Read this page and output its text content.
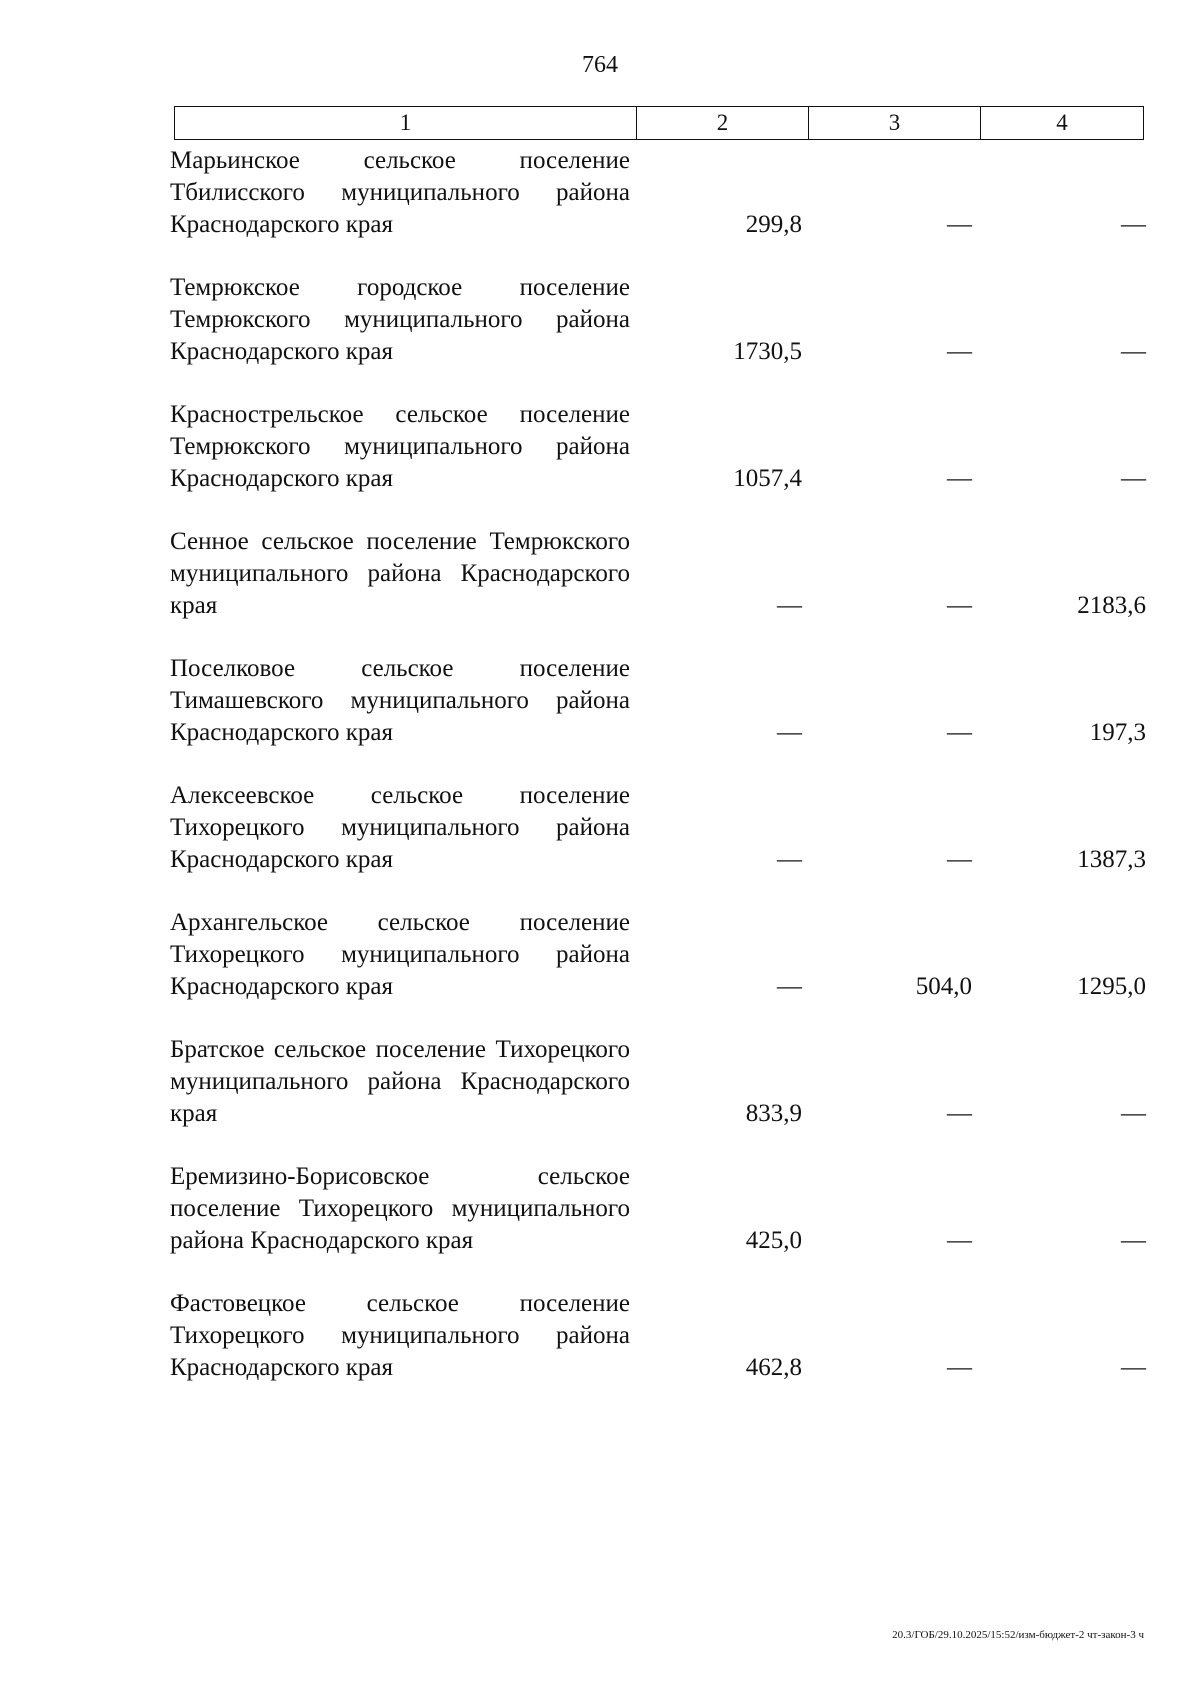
764
1	2	3	4
Марьинское сельское поселение Тбилисского муниципального района Краснодарского края	299,8	—	—
Темрюкское городское поселение Темрюкского муниципального района Краснодарского края	1730,5	—	—
Краснострельское сельское поселение Темрюкского муниципального района Краснодарского края	1057,4	—	—
Сенное сельское поселение Темрюкского муниципального района Краснодарского края	—	—	2183,6
Поселковое сельское поселение Тимашевского муниципального района Краснодарского края	—	—	197,3
Алексеевское сельское поселение Тихорецкого муниципального района Краснодарского края	—	—	1387,3
Архангельское сельское поселение Тихорецкого муниципального района Краснодарского края	—	504,0	1295,0
Братское сельское поселение Тихорецкого муниципального района Краснодарского края	833,9	—	—
Еремизино-Борисовское сельское поселение Тихорецкого муниципального района Краснодарского края	425,0	—	—
Фастовецкое сельское поселение Тихорецкого муниципального района Краснодарского края	462,8	—	—
20.3/ГОБ/29.10.2025/15:52/изм-бюджет-2 чт-закон-3 ч
